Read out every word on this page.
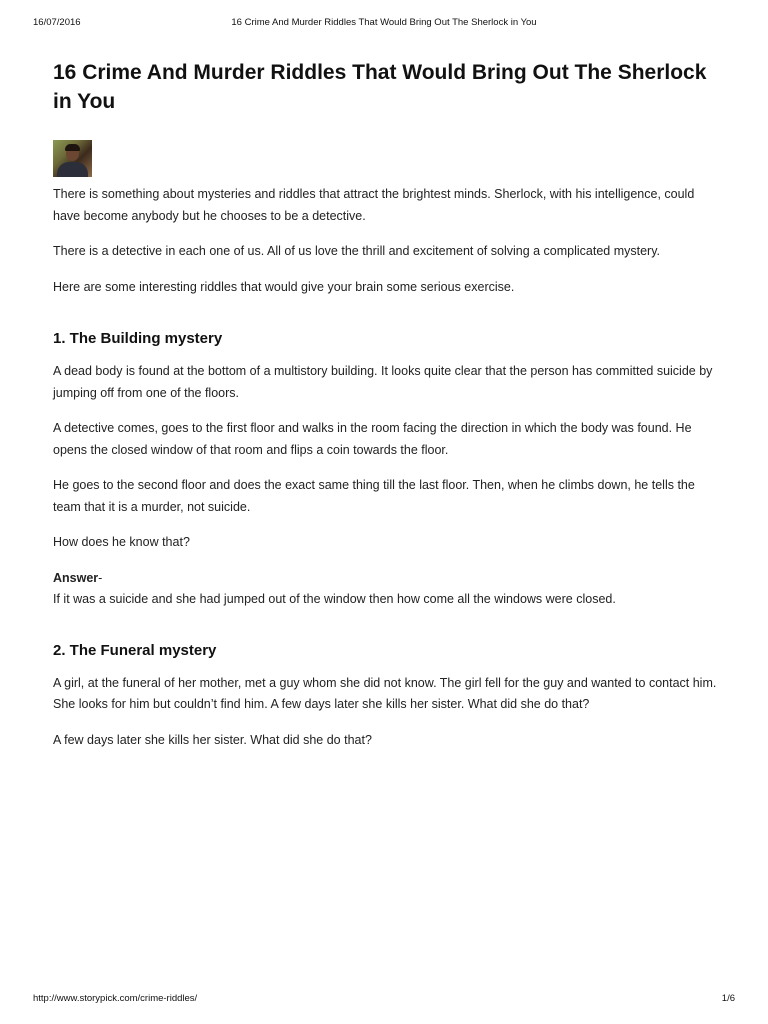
16/07/2016	16 Crime And Murder Riddles That Would Bring Out The Sherlock in You
16 Crime And Murder Riddles That Would Bring Out The Sherlock in You

There is something about mysteries and riddles that attract the brightest minds. Sherlock, with his intelligence, could have become anybody but he chooses to be a detective.

There is a detective in each one of us. All of us love the thrill and excitement of solving a complicated mystery.

Here are some interesting riddles that would give your brain some serious exercise.

1. The Building mystery

A dead body is found at the bottom of a multistory building. It looks quite clear that the person has committed suicide by jumping off from one of the floors.

A detective comes, goes to the first floor and walks in the room facing the direction in which the body was found. He opens the closed window of that room and flips a coin towards the floor.

He goes to the second floor and does the exact same thing till the last floor. Then, when he climbs down, he tells the team that it is a murder, not suicide.

How does he know that?

Answer-
If it was a suicide and she had jumped out of the window then how come all the windows were closed.
2. The Funeral mystery

A girl, at the funeral of her mother, met a guy whom she did not know. The girl fell for the guy and wanted to contact him. She looks for him but couldn’t find him. A few days later she kills her sister. What did she do that?

A few days later she kills her sister. What did she do that?

http://www.storypick.com/crime-riddles/	1/6
